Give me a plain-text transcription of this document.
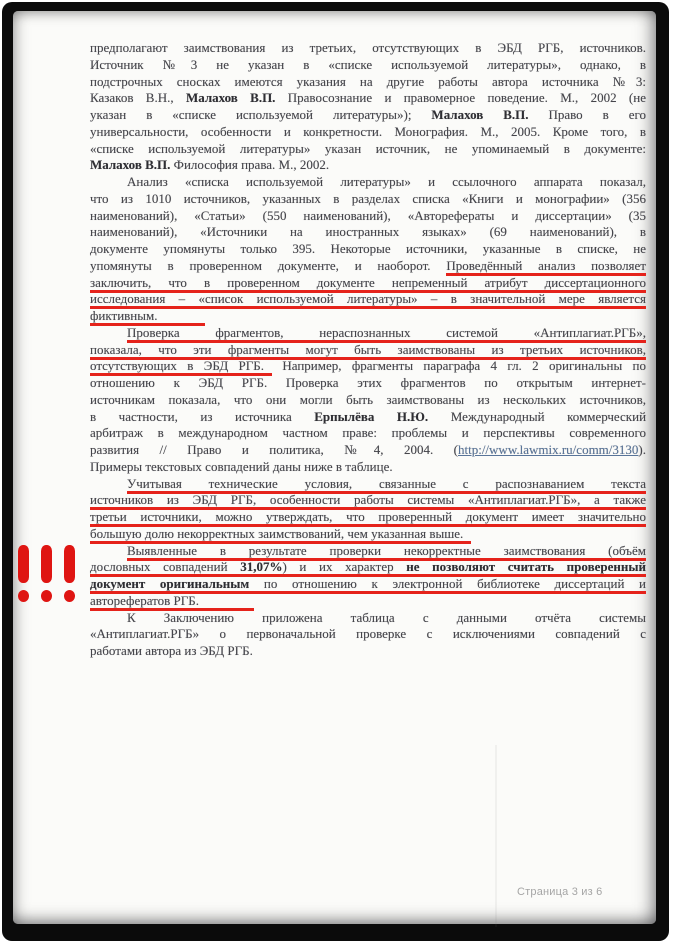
предполагают заимствования из третьих, отсутствующих в ЭБД РГБ, источников.
Источник №3 не указан в «списке используемой литературы», однако, в
подстрочных сносках имеются указания на другие работы автора источника №3:
Казаков В.Н., Малахов В.П. Правосознание и правомерное поведение. М., 2002 (не
указан в «списке используемой литературы»); Малахов В.П. Право в его
универсальности, особенности и конкретности. Монография. М., 2005. Кроме того, в
«списке используемой литературы» указан источник, не упоминаемый в документе:
Малахов В.П. Философия права. М., 2002.
Анализ «списка используемой литературы» и ссылочного аппарата показал,
что из 1010 источников, указанных в разделах списка «Книги и монографии» (356
наименований), «Статьи» (550 наименований), «Авторефераты и диссертации» (35
наименований), «Источники на иностранных языках» (69 наименований), в
документе упомянуты только 395. Некоторые источники, указанные в списке, не
упомянуты в проверенном документе, и наоборот. Проведённый анализ позволяет
заключить, что в проверенном документе непременный атрибут диссертационного
исследования – «список используемой литературы» – в значительной мере является
фиктивным.
Проверка фрагментов, нераспознанных системой «Антиплагиат.РГБ»,
показала, что эти фрагменты могут быть заимствованы из третьих источников,
отсутствующих в ЭБД РГБ. Например, фрагменты параграфа 4 гл. 2 оригинальны по
отношению к ЭБД РГБ. Проверка этих фрагментов по открытым интернет-
источникам показала, что они могли быть заимствованы из нескольких источников,
в частности, из источника Ерпылёва Н.Ю. Международный коммерческий
арбитраж в международном частном праве: проблемы и перспективы современного
развития // Право и политика, №4, 2004. (http://www.lawmix.ru/comm/3130).
Примеры текстовых совпадений даны ниже в таблице.
Учитывая технические условия, связанные с распознаванием текста
источников из ЭБД РГБ, особенности работы системы «Антиплагиат.РГБ», а также
третьи источники, можно утверждать, что проверенный документ имеет значительно
большую долю некорректных заимствований, чем указанная выше.
Выявленные в результате проверки некорректные заимствования (объём
дословных совпадений 31,07%) и их характер не позволяют считать проверенный
документ оригинальным по отношению к электронной библиотеке диссертаций и
авторефератов РГБ.
К Заключению приложена таблица с данными отчёта системы
«Антиплагиат.РГБ» о первоначальной проверке с исключениями совпадений с
работами автора из ЭБД РГБ.
Страница 3 из 6
